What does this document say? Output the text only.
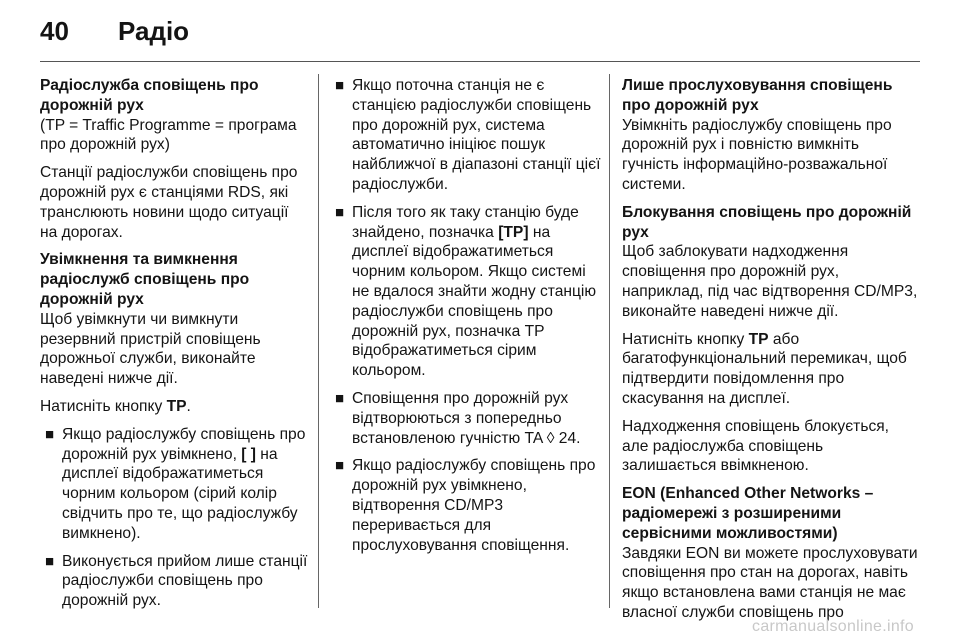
40 Радіо

Радіослужба сповіщень про дорожній рух

(TP = Traffic Programme = програма про дорожній рух)

Станції радіослужби сповіщень про дорожній рух є станціями RDS, які транслюють новини щодо ситуації на дорогах.

Увімкнення та вимкнення радіослужб сповіщень про дорожній рух

Щоб увімкнути чи вимкнути резервний пристрій сповіщень дорожньої служби, виконайте наведені нижче дії.

Натисніть кнопку TP.

■ Якщо радіослужбу сповіщень про дорожній рух увімкнено, [ ] на дисплеї відображатиметься чорним кольором (сірий колір свідчить про те, що радіослужбу вимкнено).
■ Виконується прийом лише станції радіослужби сповіщень про дорожній рух.
■ Якщо поточна станція не є станцією радіослужби сповіщень про дорожній рух, система автоматично ініціює пошук найближчої в діапазоні станції цієї радіослужби.
■ Після того як таку станцію буде знайдено, позначка [TP] на дисплеї відображатиметься чорним кольором. Якщо системі не вдалося знайти жодну станцію радіослужби сповіщень про дорожній рух, позначка TP відображатиметься сірим кольором.
■ Сповіщення про дорожній рух відтворюються з попередньо встановленою гучністю TA ◊ 24.
■ Якщо радіослужбу сповіщень про дорожній рух увімкнено, відтворення CD/MP3 переривається для прослуховування сповіщення.

Лише прослуховування сповіщень про дорожній рух

Увімкніть радіослужбу сповіщень про дорожній рух і повністю вимкніть гучність інформаційно-розважальної системи.

Блокування сповіщень про дорожній рух

Щоб заблокувати надходження сповіщення про дорожній рух, наприклад, під час відтворення CD/MP3, виконайте наведені нижче дії.

Натисніть кнопку TP або багатофункціональний перемикач, щоб підтвердити повідомлення про скасування на дисплеї.

Надходження сповіщень блокується, але радіослужба сповіщень залишається ввімкненою.

EON (Enhanced Other Networks – радіомережі з розширеними сервісними можливостями)

Завдяки EON ви можете прослуховувати сповіщення про стан на дорогах, навіть якщо встановлена вами станція не має власної служби сповіщень про

carmanualsonline.info
